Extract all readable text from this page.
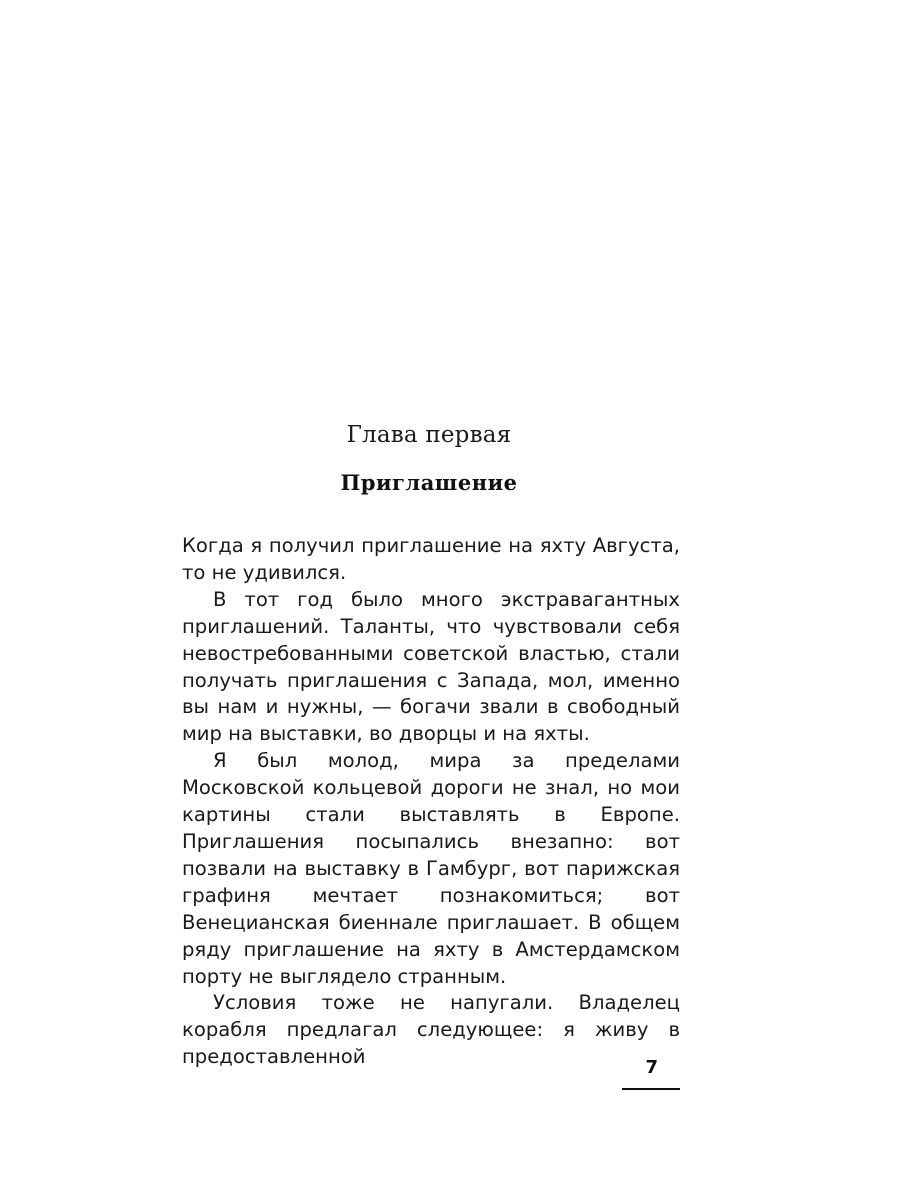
Глава первая
Приглашение

Когда я получил приглашение на яхту Августа, то не удивился.

В тот год было много экстравагантных приглашений. Таланты, что чувствовали себя невостребованными советской властью, стали получать приглашения с Запада, мол, именно вы нам и нужны, — богачи звали в свободный мир на выставки, во дворцы и на яхты.

Я был молод, мира за пределами Московской кольцевой дороги не знал, но мои картины стали выставлять в Европе. Приглашения посыпались внезапно: вот позвали на выставку в Гамбург, вот парижская графиня мечтает познакомиться; вот Венецианская биеннале приглашает. В общем ряду приглашение на яхту в Амстердамском порту не выглядело странным.

Условия тоже не напугали. Владелец корабля предлагал следующее: я живу в предоставленной	7
